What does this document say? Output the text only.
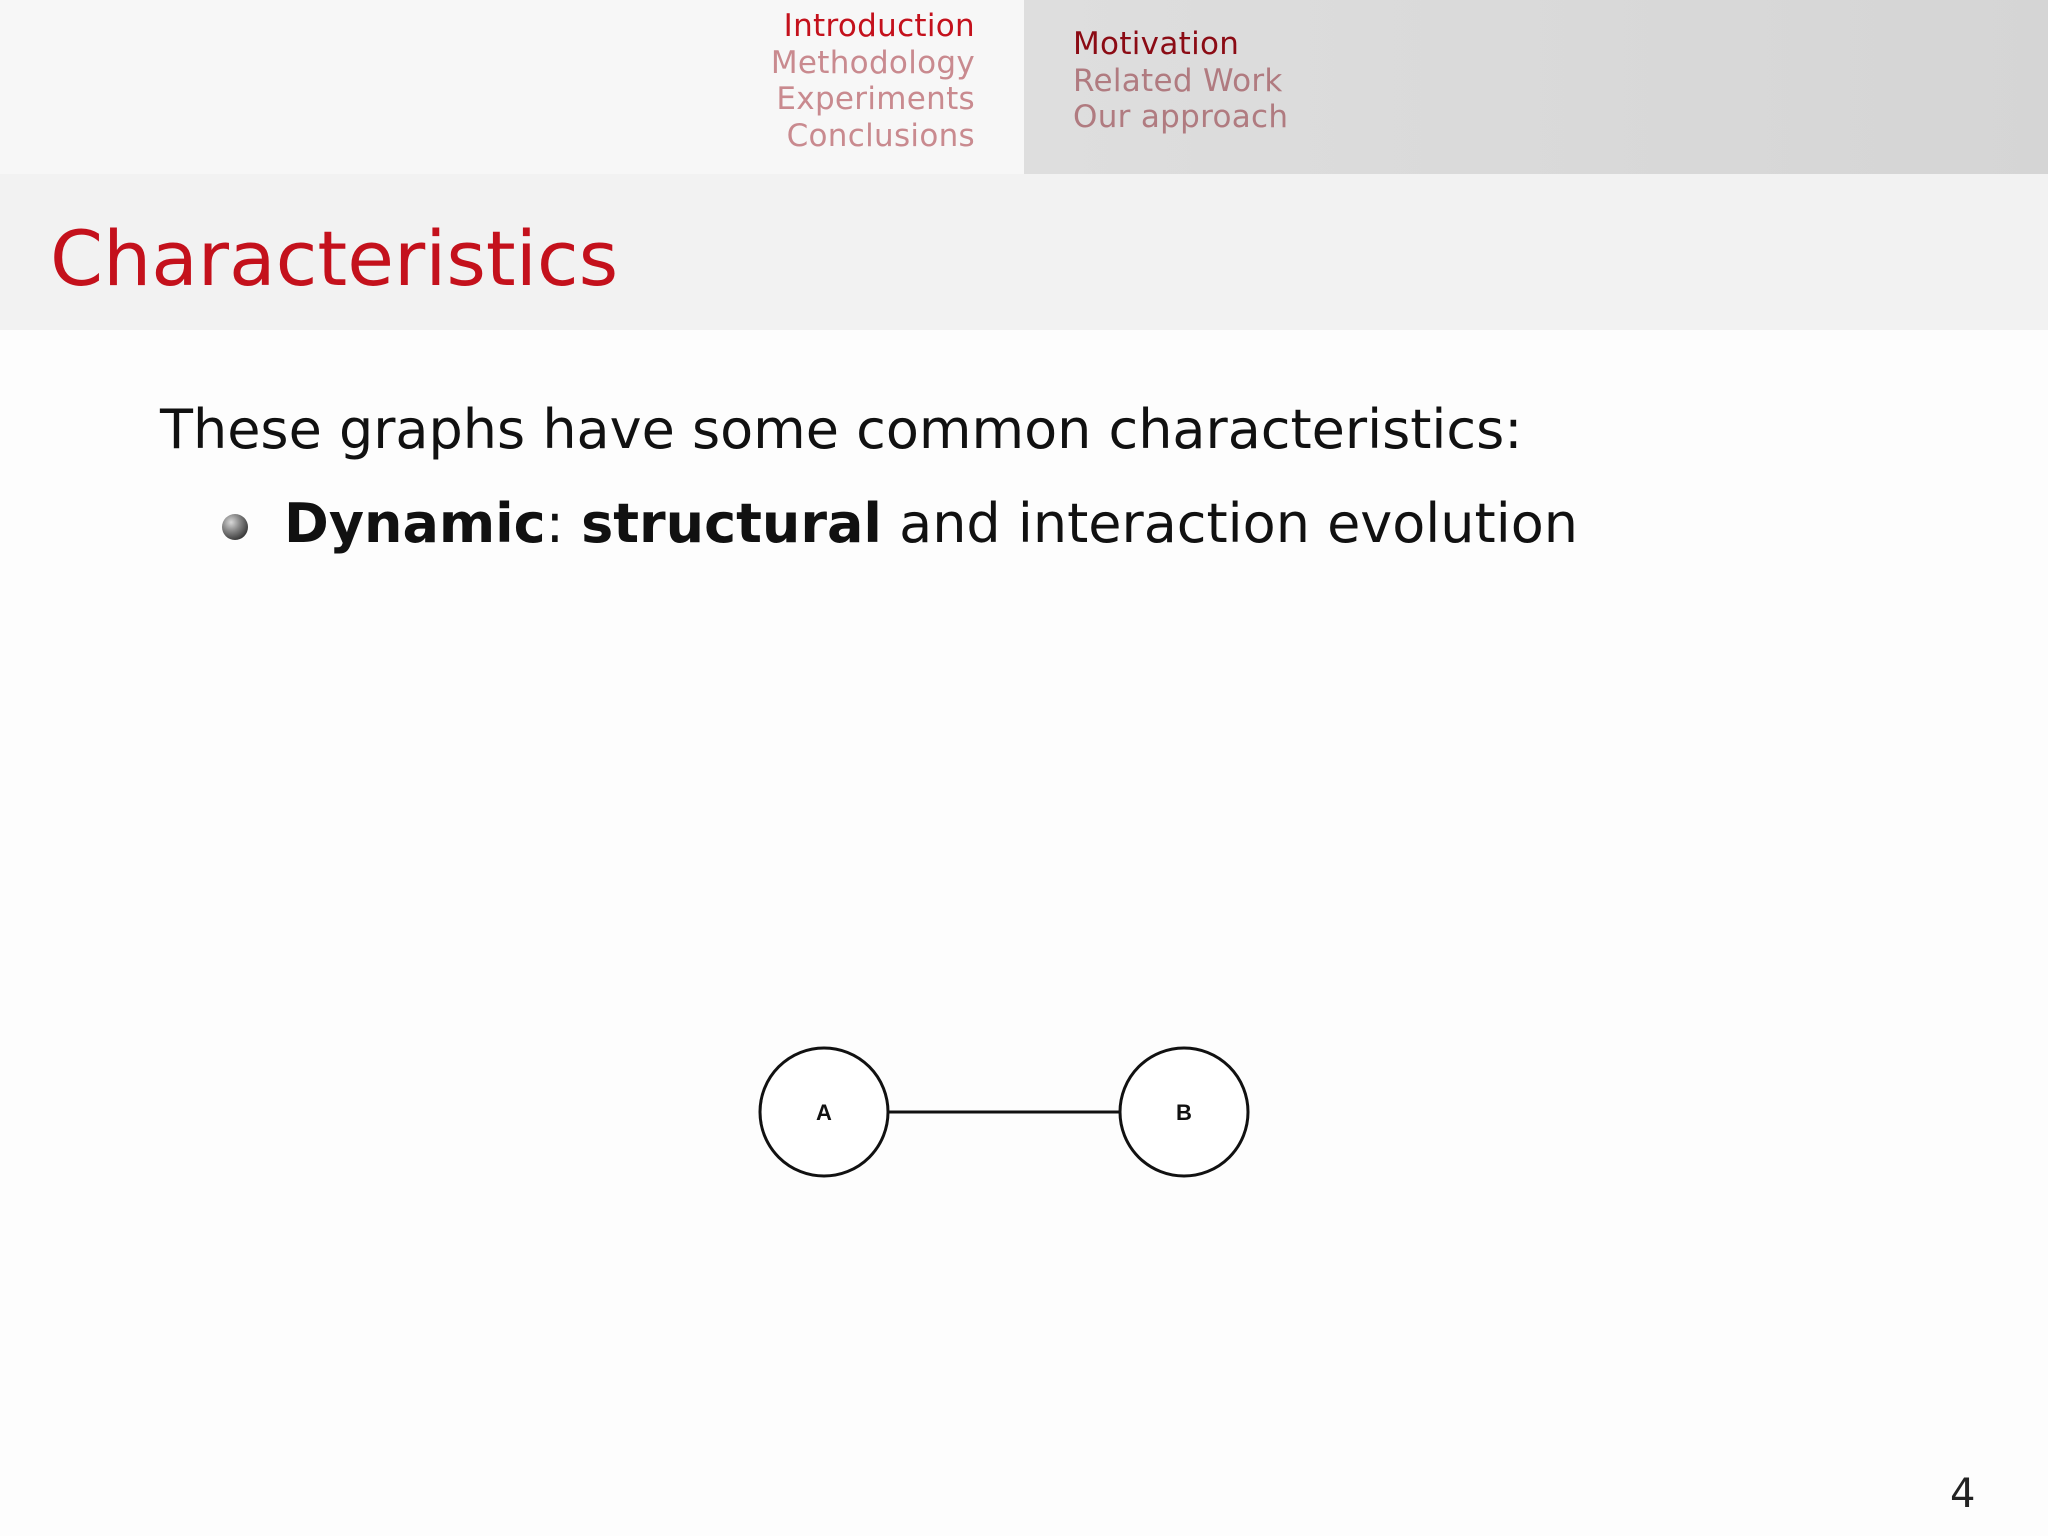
Introduction
Methodology
Experiments
Conclusions
Motivation
Related Work
Our approach
Characteristics

These graphs have some common characteristics:

Dynamic: structural and interaction evolution
A	B
4
